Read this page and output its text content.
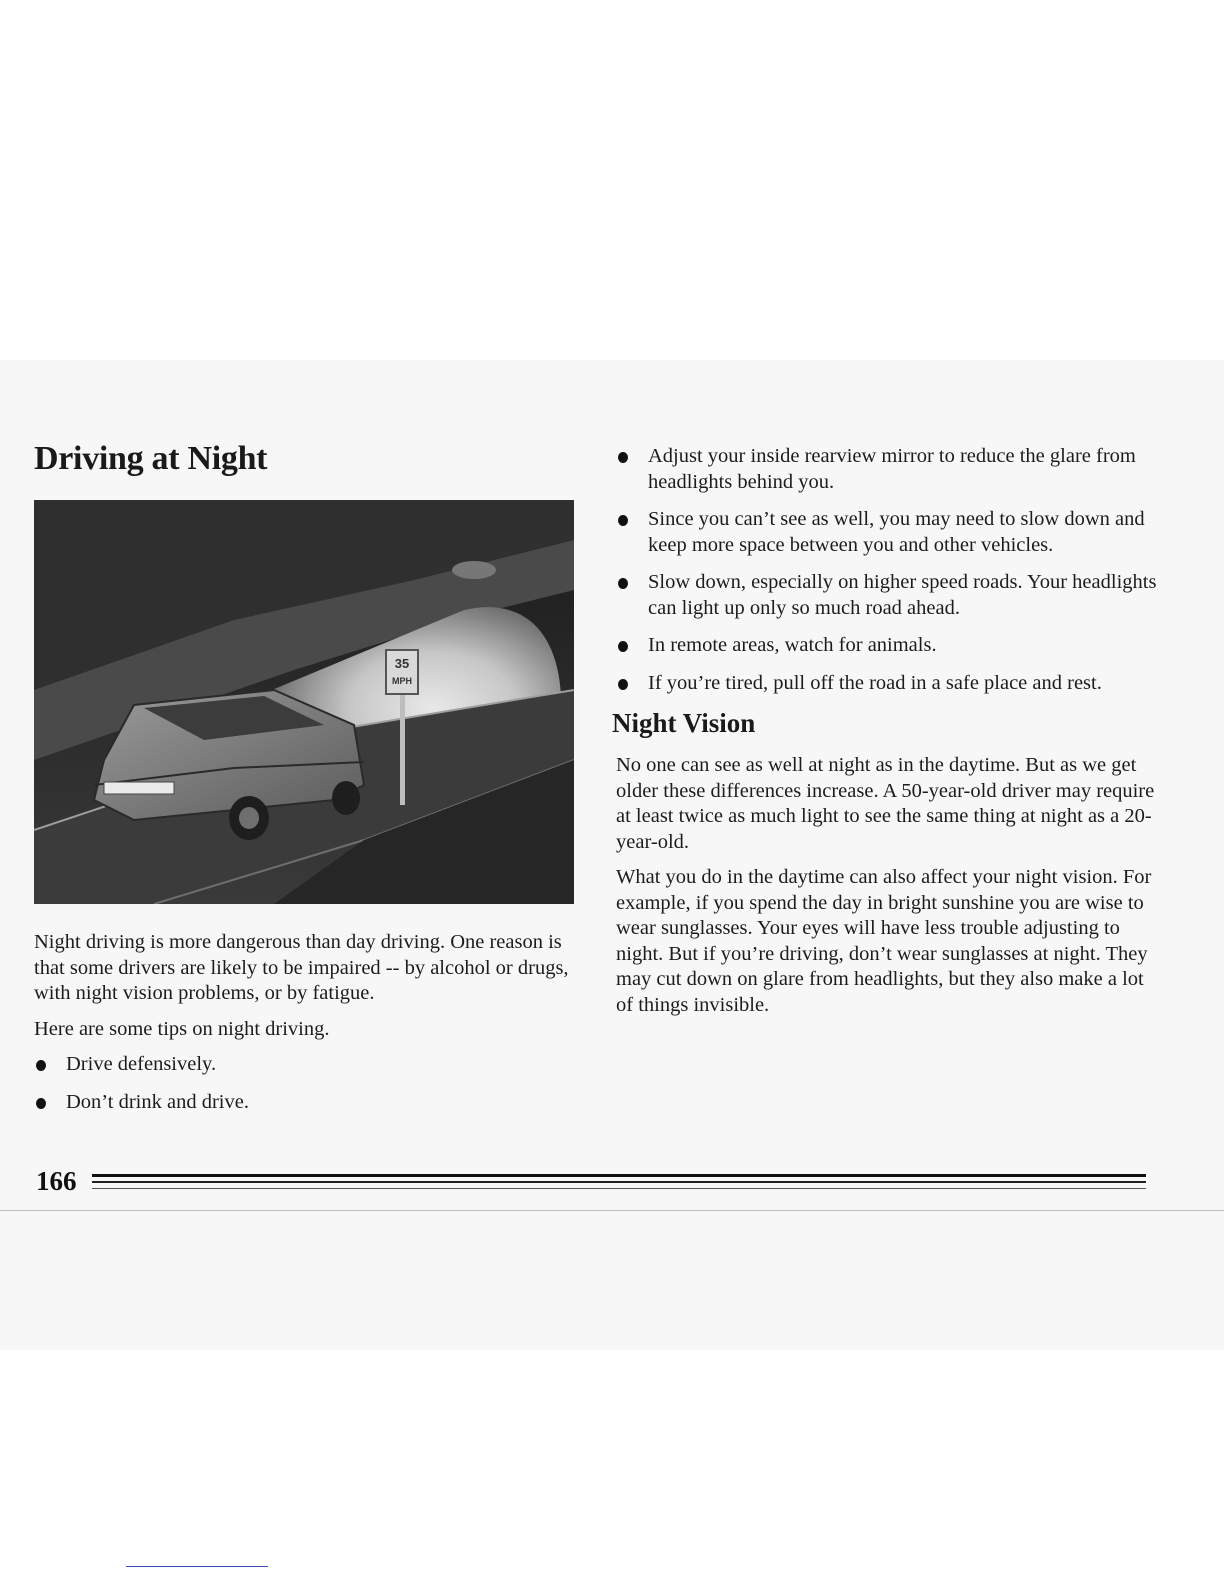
Driving at Night
35
MPH

Night driving is more dangerous than day driving. One reason is that some drivers are likely to be impaired -- by alcohol or drugs, with night vision problems, or by fatigue.

Here are some tips on night driving.

Drive defensively.
Don’t drink and drive.
Adjust your inside rearview mirror to reduce the glare from headlights behind you.
Since you can’t see as well, you may need to slow down and keep more space between you and other vehicles.
Slow down, especially on higher speed roads. Your headlights can light up only so much road ahead.
In remote areas, watch for animals.
If you’re tired, pull off the road in a safe place and rest.
Night Vision

No one can see as well at night as in the daytime. But as we get older these differences increase. A 50-year-old driver may require at least twice as much light to see the same thing at night as a 20-year-old.

What you do in the daytime can also affect your night vision. For example, if you spend the day in bright sunshine you are wise to wear sunglasses. Your eyes will have less trouble adjusting to night. But if you’re driving, don’t wear sunglasses at night. They may cut down on glare from headlights, but they also make a lot of things invisible.

166
